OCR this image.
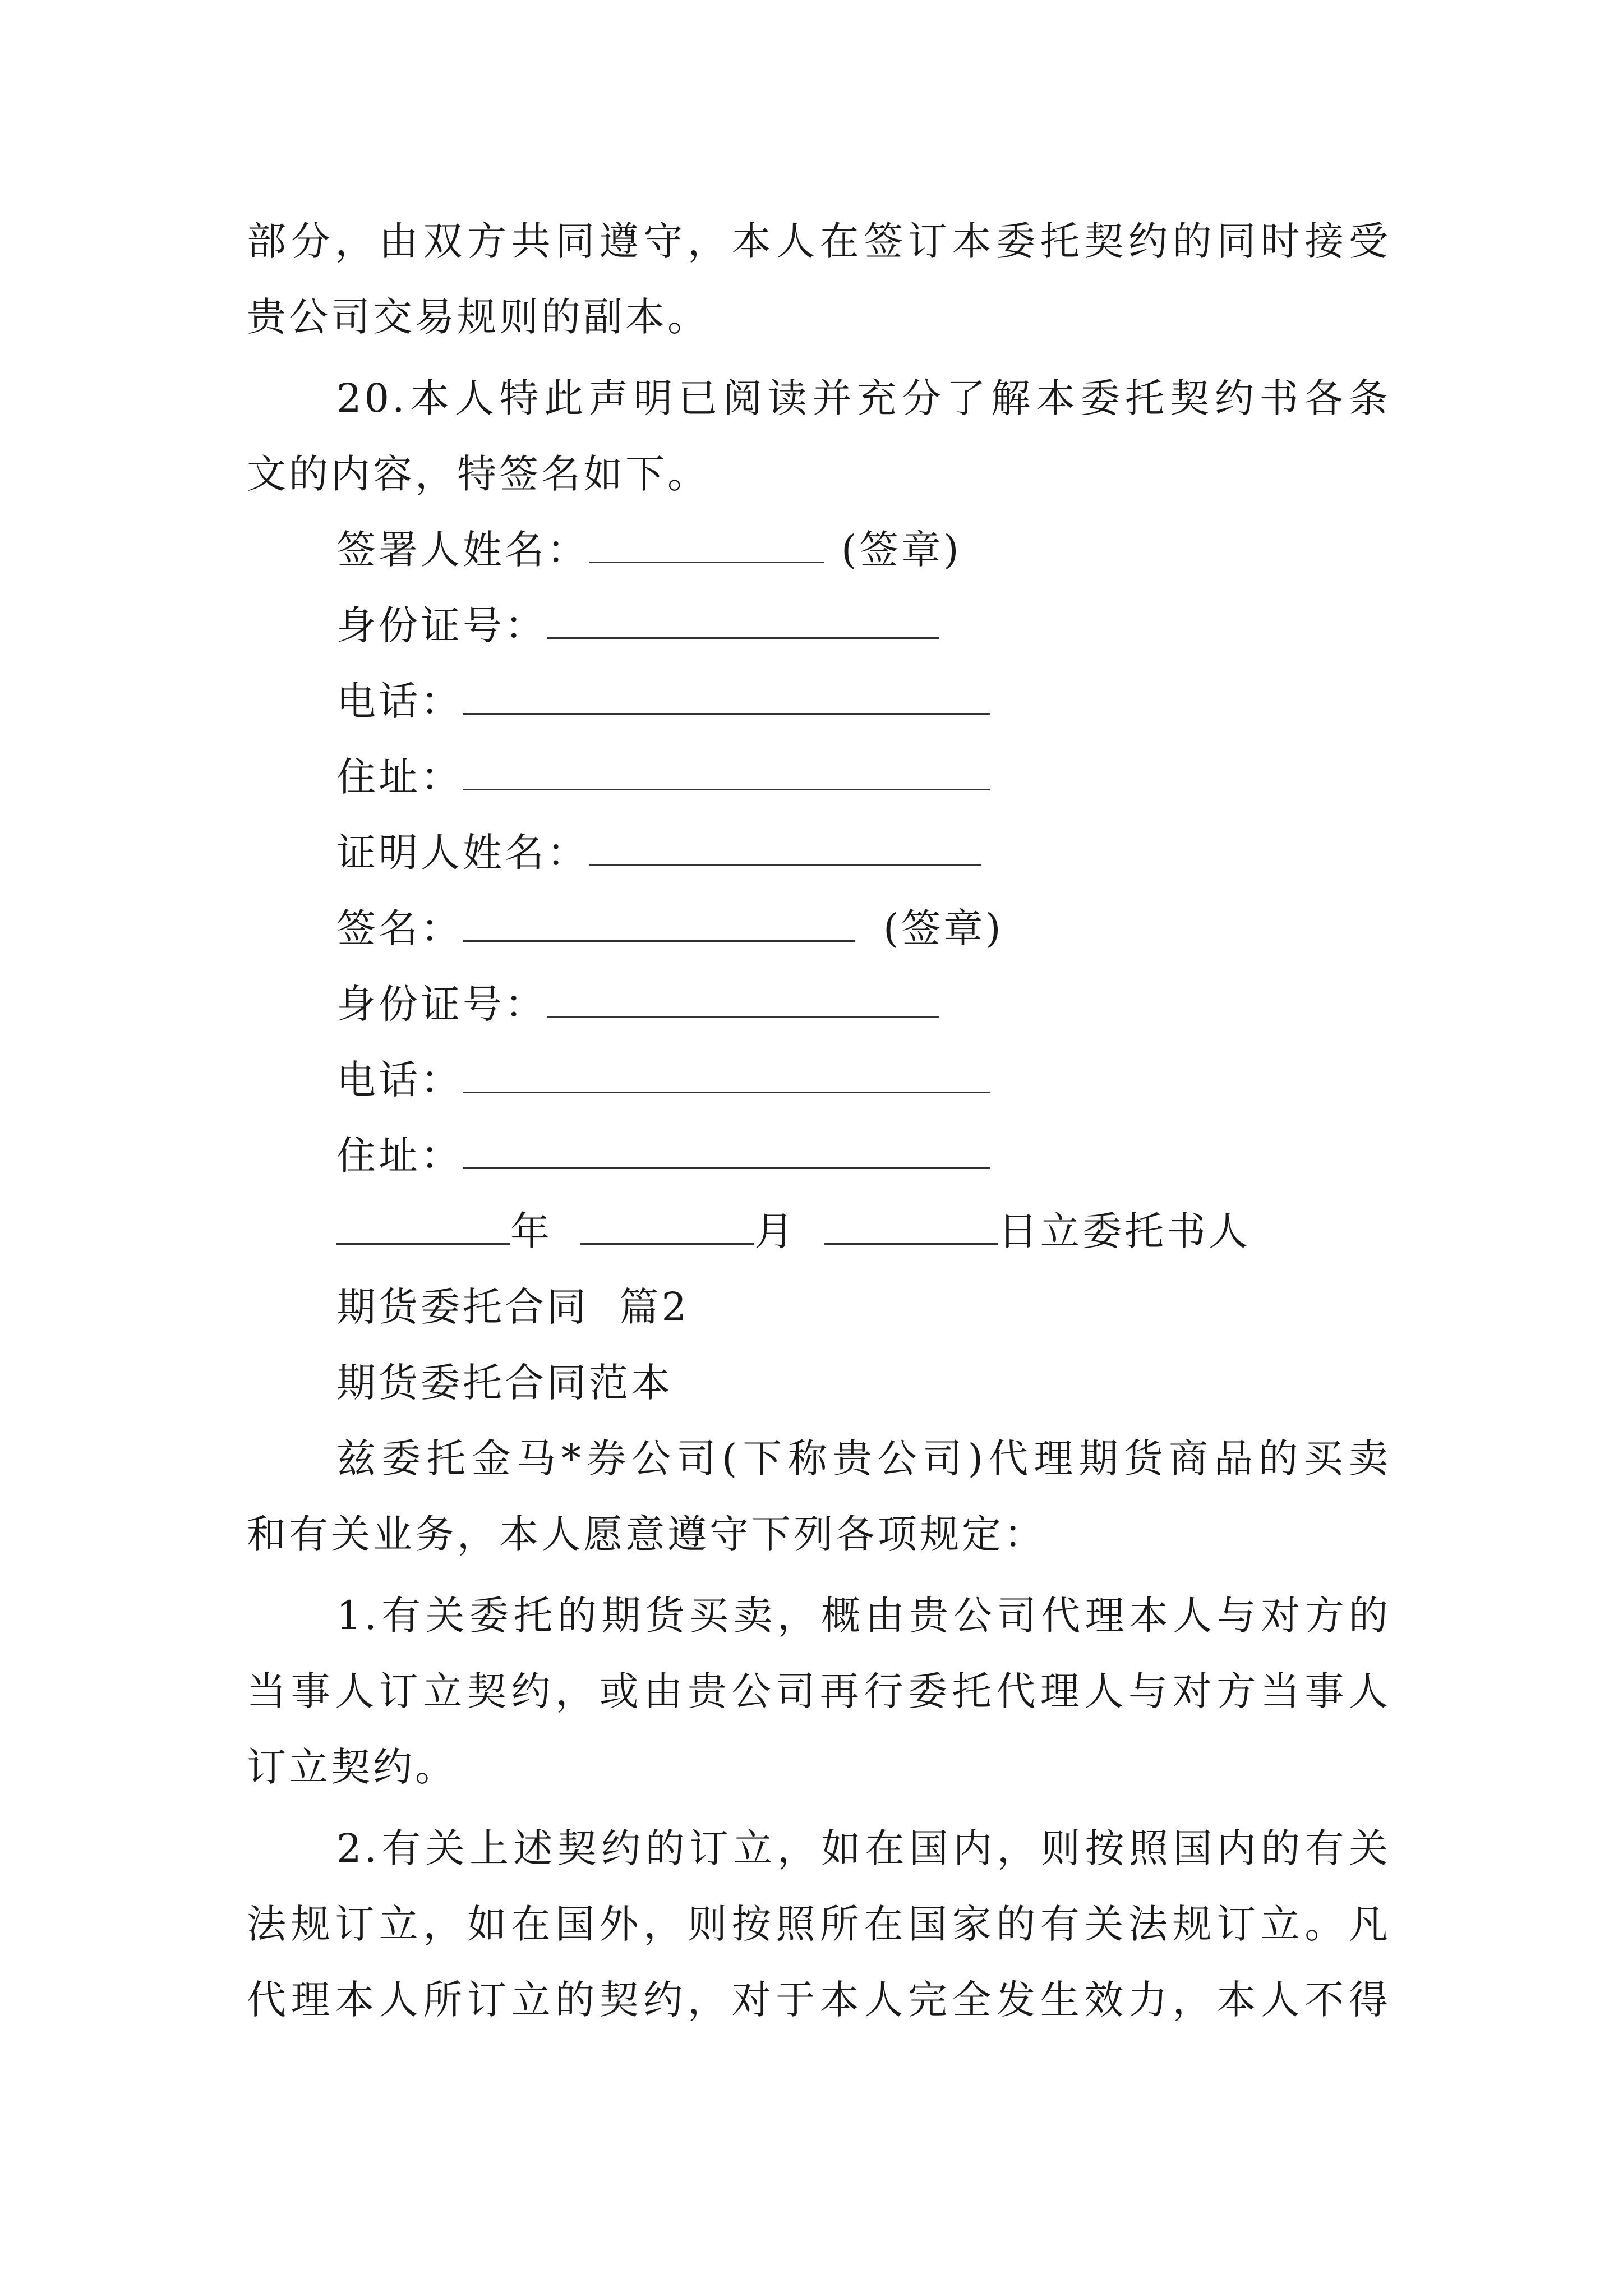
部分，由双方共同遵守，本人在签订本委托契约的同时接受
贵公司交易规则的副本。
20.本人特此声明已阅读并充分了解本委托契约书各条
文的内容，特签名如下。
签署人姓名：	(签章)
身份证号：
电话：
住址：
证明人姓名：
签名：	(签章)
身份证号：
电话：
住址：
年	月	日立委托书人
期货委托合同  篇2
期货委托合同范本
兹委托金马*券公司(下称贵公司)代理期货商品的买卖
和有关业务，本人愿意遵守下列各项规定：
1.有关委托的期货买卖，概由贵公司代理本人与对方的
当事人订立契约，或由贵公司再行委托代理人与对方当事人
订立契约。
2.有关上述契约的订立，如在国内，则按照国内的有关
法规订立，如在国外，则按照所在国家的有关法规订立。凡
代理本人所订立的契约，对于本人完全发生效力，本人不得
